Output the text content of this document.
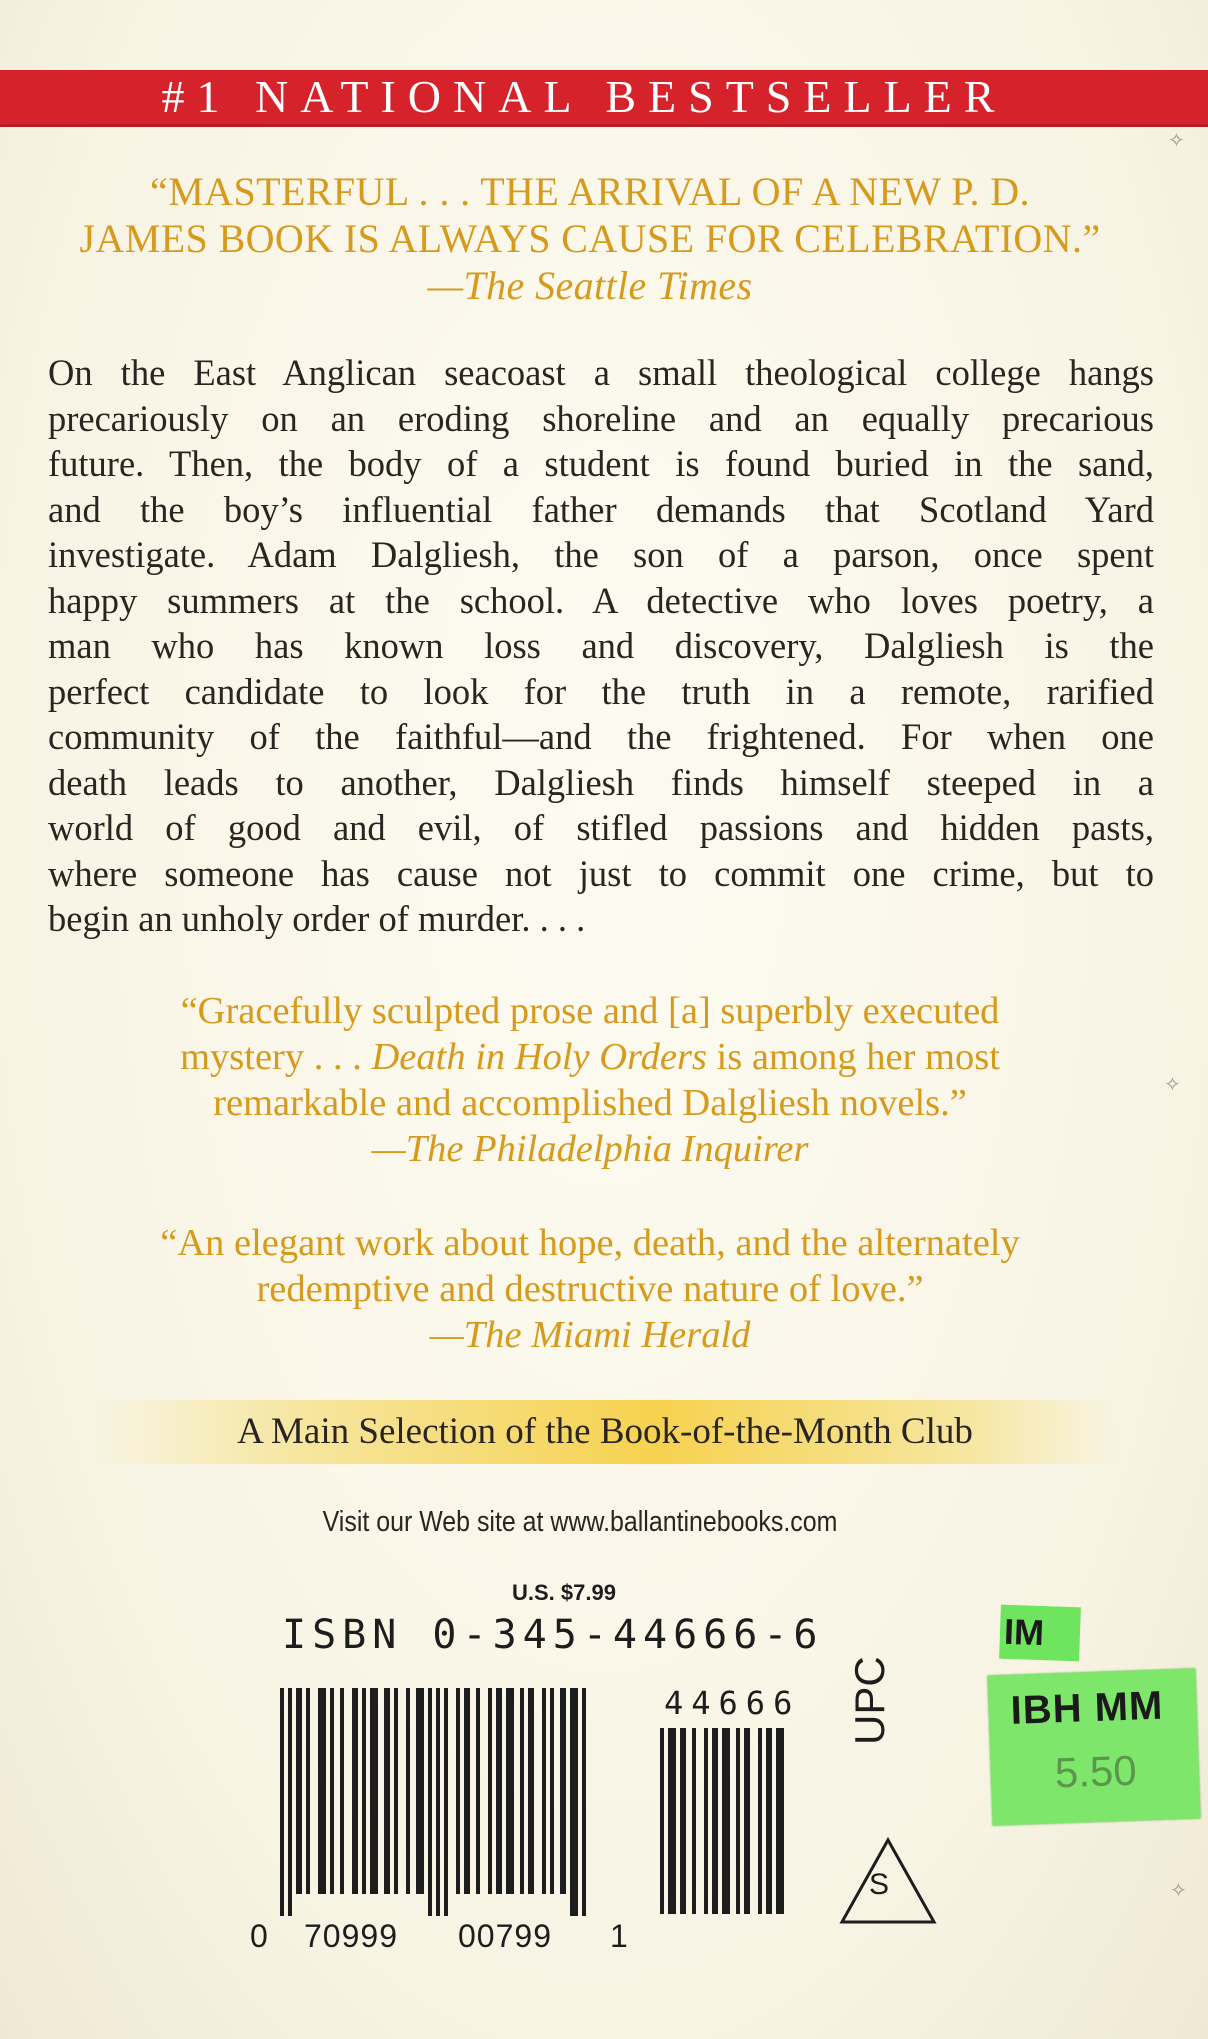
#1 NATIONAL BESTSELLER
“MASTERFUL . . . THE ARRIVAL OF A NEW P. D.
JAMES BOOK IS ALWAYS CAUSE FOR CELEBRATION.”
—The Seattle Times
On the East Anglican seacoast a small theological college hangs
precariously on an eroding shoreline and an equally precarious
future. Then, the body of a student is found buried in the sand,
and the boy’s influential father demands that Scotland Yard
investigate. Adam Dalgliesh, the son of a parson, once spent
happy summers at the school. A detective who loves poetry, a
man who has known loss and discovery, Dalgliesh is the
perfect candidate to look for the truth in a remote, rarified
community of the faithful—and the frightened. For when one
death leads to another, Dalgliesh finds himself steeped in a
world of good and evil, of stifled passions and hidden pasts,
where someone has cause not just to commit one crime, but to
begin an unholy order of murder. . . .
“Gracefully sculpted prose and [a] superbly executed
mystery . . . Death in Holy Orders is among her most
remarkable and accomplished Dalgliesh novels.”
—The Philadelphia Inquirer
“An elegant work about hope, death, and the alternately
redemptive and destructive nature of love.”
—The Miami Herald
A Main Selection of the Book-of-the-Month Club
Visit our Web site at www.ballantinebooks.com
U.S. $7.99
ISBN 0-345-44666-6
44666
0 70999 00799 1
UPC
S
IM
IBH MM
5.50
✧
✧
✧
